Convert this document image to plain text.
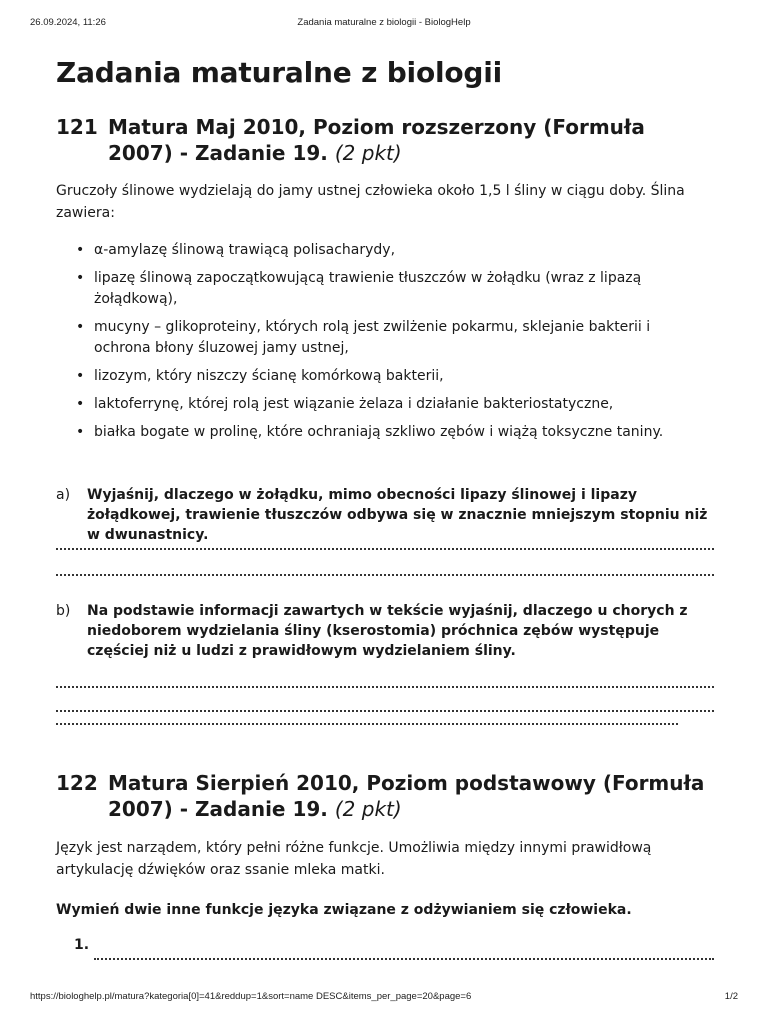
26.09.2024, 11:26	Zadania maturalne z biologii - BiologHelp
Zadania maturalne z biologii
121 Matura Maj 2010, Poziom rozszerzony (Formuła 2007) - Zadanie 19. (2 pkt)

Gruczoły ślinowe wydzielają do jamy ustnej człowieka około 1,5 l śliny w ciągu doby. Ślina zawiera:

• α-amylazę ślinową trawiącą polisacharydy,
• lipazę ślinową zapoczątkowującą trawienie tłuszczów w żołądku (wraz z lipazą żołądkową),
• mucyny – glikoproteiny, których rolą jest zwilżenie pokarmu, sklejanie bakterii i ochrona błony śluzowej jamy ustnej,
• lizozym, który niszczy ścianę komórkową bakterii,
• laktoferrynę, której rolą jest wiązanie żelaza i działanie bakteriostatyczne,
• białka bogate w prolinę, które ochraniają szkliwo zębów i wiążą toksyczne taniny.
a)	Wyjaśnij, dlaczego w żołądku, mimo obecności lipazy ślinowej i lipazy żołądkowej, trawienie tłuszczów odbywa się w znacznie mniejszym stopniu niż w dwunastnicy.
b)	Na podstawie informacji zawartych w tekście wyjaśnij, dlaczego u chorych z niedoborem wydzielania śliny (kserostomia) próchnica zębów występuje częściej niż u ludzi z prawidłowym wydzielaniem śliny.
122 Matura Sierpień 2010, Poziom podstawowy (Formuła 2007) - Zadanie 19. (2 pkt)

Język jest narządem, który pełni różne funkcje. Umożliwia między innymi prawidłową artykulację dźwięków oraz ssanie mleka matki.

Wymień dwie inne funkcje języka związane z odżywianiem się człowieka.

1.
https://biologhelp.pl/matura?kategoria[0]=41&reddup=1&sort=name DESC&items_per_page=20&page=6	1/2
